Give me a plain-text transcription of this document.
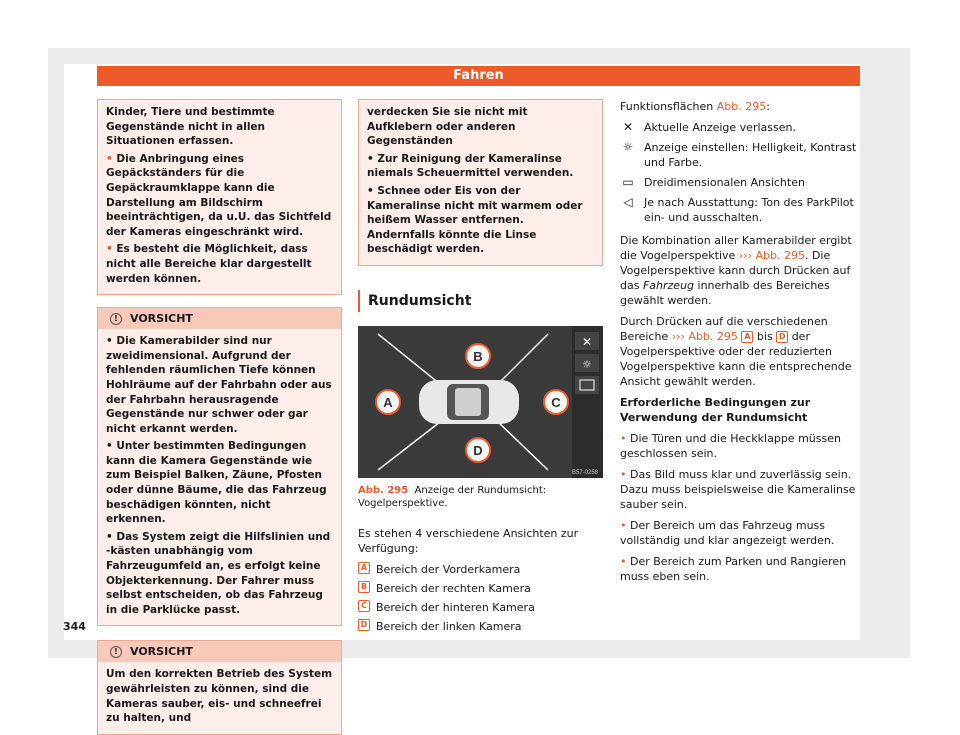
Fahren

Kinder, Tiere und bestimmte Gegenstände nicht in allen Situationen erfassen.

• Die Anbringung eines Gepäckständers für die Gepäckraumklappe kann die Darstellung am Bildschirm beeinträchtigen, da u.U. das Sichtfeld der Kameras eingeschränkt wird.

• Es besteht die Möglichkeit, dass nicht alle Bereiche klar dargestellt werden können.

!	VORSICHT

• Die Kamerabilder sind nur zweidimensional. Aufgrund der fehlenden räumlichen Tiefe können Hohlräume auf der Fahrbahn oder aus der Fahrbahn herausragende Gegenstände nur schwer oder gar nicht erkannt werden.

• Unter bestimmten Bedingungen kann die Kamera Gegenstände wie zum Beispiel Balken, Zäune, Pfosten oder dünne Bäume, die das Fahrzeug beschädigen könnten, nicht erkennen.

• Das System zeigt die Hilfslinien und -kästen unabhängig vom Fahrzeugumfeld an, es erfolgt keine Objekterkennung. Der Fahrer muss selbst entscheiden, ob das Fahrzeug in die Parklücke passt.

!	VORSICHT

Um den korrekten Betrieb des System gewährleisten zu können, sind die Kameras sauber, eis- und schneefrei zu halten, und

verdecken Sie sie nicht mit Aufklebern oder anderen Gegenständen

• Zur Reinigung der Kameralinse niemals Scheuermittel verwenden.

• Schnee oder Eis von der Kameralinse nicht mit warmem oder heißem Wasser entfernen. Andernfalls könnte die Linse beschädigt werden.

Rundumsicht
A
B
C
D
✕
☼
B57-0258

Abb. 295 Anzeige der Rundumsicht: Vogelperspektive.

Es stehen 4 verschiedene Ansichten zur Verfügung:

A Bereich der Vorderkamera
B Bereich der rechten Kamera
C Bereich der hinteren Kamera
D Bereich der linken Kamera

Funktionsflächen Abb. 295:

✕ Aktuelle Anzeige verlassen.
☼ Anzeige einstellen: Helligkeit, Kontrast und Farbe.
▭ Dreidimensionalen Ansichten
◁	Je nach Ausstattung: Ton des ParkPilot ein- und ausschalten.

Die Kombination aller Kamerabilder ergibt die Vogelperspektive ››› Abb. 295. Die Vogelperspektive kann durch Drücken auf das Fahrzeug innerhalb des Bereiches gewählt werden.

Durch Drücken auf die verschiedenen Bereiche ››› Abb. 295 A bis D der Vogelperspektive oder der reduzierten Vogelperspektive kann die entsprechende Ansicht gewählt werden.

Erforderliche Bedingungen zur Verwendung der Rundumsicht

• Die Türen und die Heckklappe müssen geschlossen sein.

• Das Bild muss klar und zuverlässig sein. Dazu muss beispielsweise die Kameralinse sauber sein.

• Der Bereich um das Fahrzeug muss vollständig und klar angezeigt werden.

• Der Bereich zum Parken und Rangieren muss eben sein.

344
